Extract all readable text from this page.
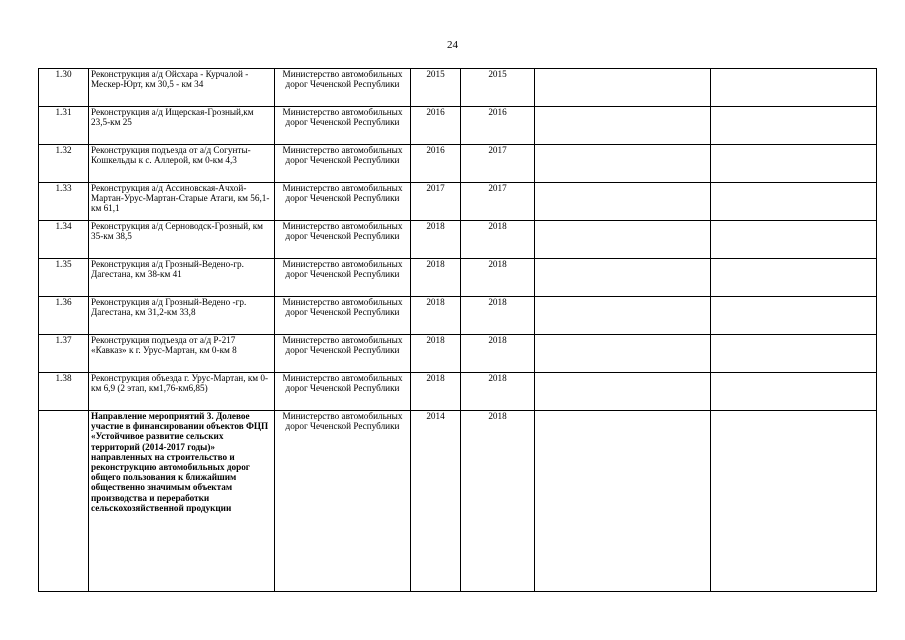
24
1.30	Реконструкция а/д Ойсхара - Курчалой - Мескер-Юрт, км 30,5 - км 34	Министерство автомобильных дорог Чеченской Республики	2015	2015		
1.31	Реконструкция а/д Ищерская-Грозный,км 23,5-км 25	Министерство автомобильных дорог Чеченской Республики	2016	2016		
1.32	Реконструкция подъезда от а/д Согунты-Кошкельды к с. Аллерой, км 0-км 4,3	Министерство автомобильных дорог Чеченской Республики	2016	2017		
1.33	Реконструкция а/д Ассиновская-Ачхой-Мартан-Урус-Мартан-Старые Атаги, км 56,1-км 61,1	Министерство автомобильных дорог Чеченской Республики	2017	2017		
1.34	Реконструкция а/д Серноводск-Грозный, км 35-км 38,5	Министерство автомобильных дорог Чеченской Республики	2018	2018		
1.35	Реконструкция а/д Грозный-Ведено-гр. Дагестана, км 38-км 41	Министерство автомобильных дорог Чеченской Республики	2018	2018		
1.36	Реконструкция а/д Грозный-Ведено -гр. Дагестана, км 31,2-км 33,8	Министерство автомобильных дорог Чеченской Республики	2018	2018		
1.37	Реконструкция подъезда от а/д Р-217 «Кавказ» к г. Урус-Мартан, км 0-км 8	Министерство автомобильных дорог Чеченской Республики	2018	2018		
1.38	Реконструкция объезда г. Урус-Мартан, км 0-км 6,9 (2 этап, км1,76-км6,85)	Министерство автомобильных дорог Чеченской Республики	2018	2018		
	Направление мероприятий 3. Долевое участие в финансировании объектов ФЦП «Устойчивое развитие сельских территорий (2014-2017 годы)» направленных на строительство и реконструкцию автомобильных дорог общего пользования к ближайшим общественно значимым объектам производства и переработки сельскохозяйственной продукции	Министерство автомобильных дорог Чеченской Республики	2014	2018		
